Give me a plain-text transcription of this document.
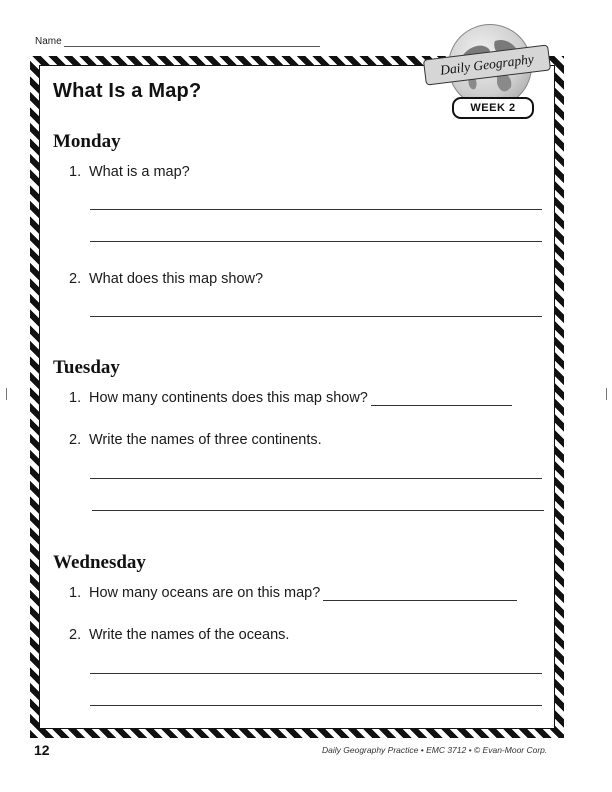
Name
What Is a Map?
Daily Geography
WEEK 2
Monday
1. What is a map?
2. What does this map show?
Tuesday
1. How many continents does this map show?
2. Write the names of three continents.
Wednesday
1. How many oceans are on this map?
2. Write the names of the oceans.
12	Daily Geography Practice • EMC 3712 • © Evan-Moor Corp.
